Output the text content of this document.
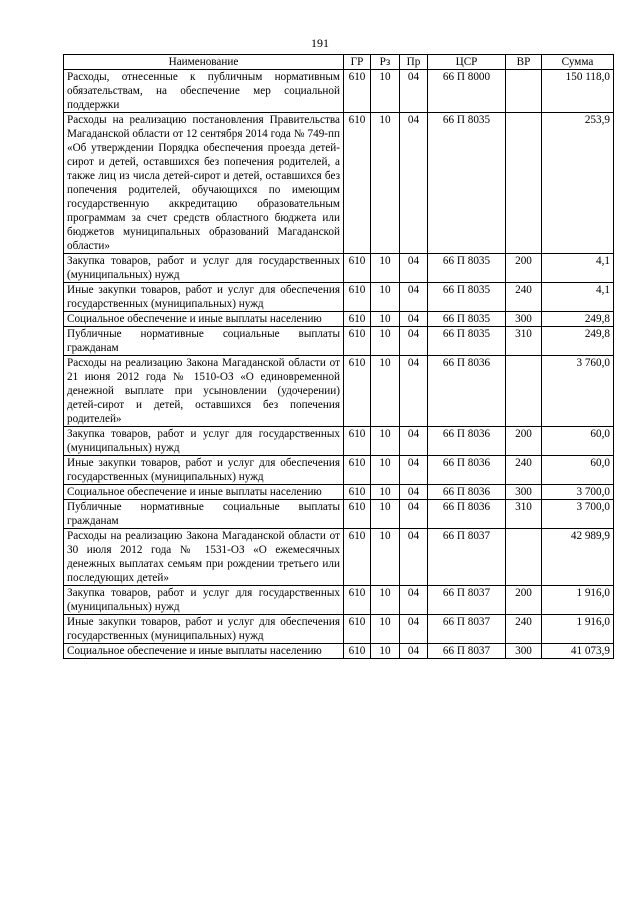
191
Наименование	ГР	Рз	Пр	ЦСР	ВР	Сумма
Расходы, отнесенные к публичным нормативным обязательствам, на обеспечение мер социальной поддержки	610	10	04	66 П 8000		150 118,0
Расходы на реализацию постановления Правительства Магаданской области от 12 сентября 2014 года № 749-пп «Об утверждении Порядка обеспечения проезда детей-сирот и детей, оставшихся без попечения родителей, а также лиц из числа детей-сирот и детей, оставшихся без попечения родителей, обучающихся по имеющим государственную аккредитацию образовательным программам за счет средств областного бюджета или бюджетов муниципальных образований Магаданской области»	610	10	04	66 П 8035		253,9
Закупка товаров, работ и услуг для государственных (муниципальных) нужд	610	10	04	66 П 8035	200	4,1
Иные закупки товаров, работ и услуг для обеспечения государственных (муниципальных) нужд	610	10	04	66 П 8035	240	4,1
Социальное обеспечение и иные выплаты населению	610	10	04	66 П 8035	300	249,8
Публичные нормативные социальные выплаты гражданам	610	10	04	66 П 8035	310	249,8
Расходы на реализацию Закона Магаданской области от 21 июня 2012 года № 1510-ОЗ «О единовременной денежной выплате при усыновлении (удочерении) детей-сирот и детей, оставшихся без попечения родителей»	610	10	04	66 П 8036		3 760,0
Закупка товаров, работ и услуг для государственных (муниципальных) нужд	610	10	04	66 П 8036	200	60,0
Иные закупки товаров, работ и услуг для обеспечения государственных (муниципальных) нужд	610	10	04	66 П 8036	240	60,0
Социальное обеспечение и иные выплаты населению	610	10	04	66 П 8036	300	3 700,0
Публичные нормативные социальные выплаты гражданам	610	10	04	66 П 8036	310	3 700,0
Расходы на реализацию Закона Магаданской области от 30 июля 2012 года № 1531-ОЗ «О ежемесячных денежных выплатах семьям при рождении третьего или последующих детей»	610	10	04	66 П 8037		42 989,9
Закупка товаров, работ и услуг для государственных (муниципальных) нужд	610	10	04	66 П 8037	200	1 916,0
Иные закупки товаров, работ и услуг для обеспечения государственных (муниципальных) нужд	610	10	04	66 П 8037	240	1 916,0
Социальное обеспечение и иные выплаты населению	610	10	04	66 П 8037	300	41 073,9
